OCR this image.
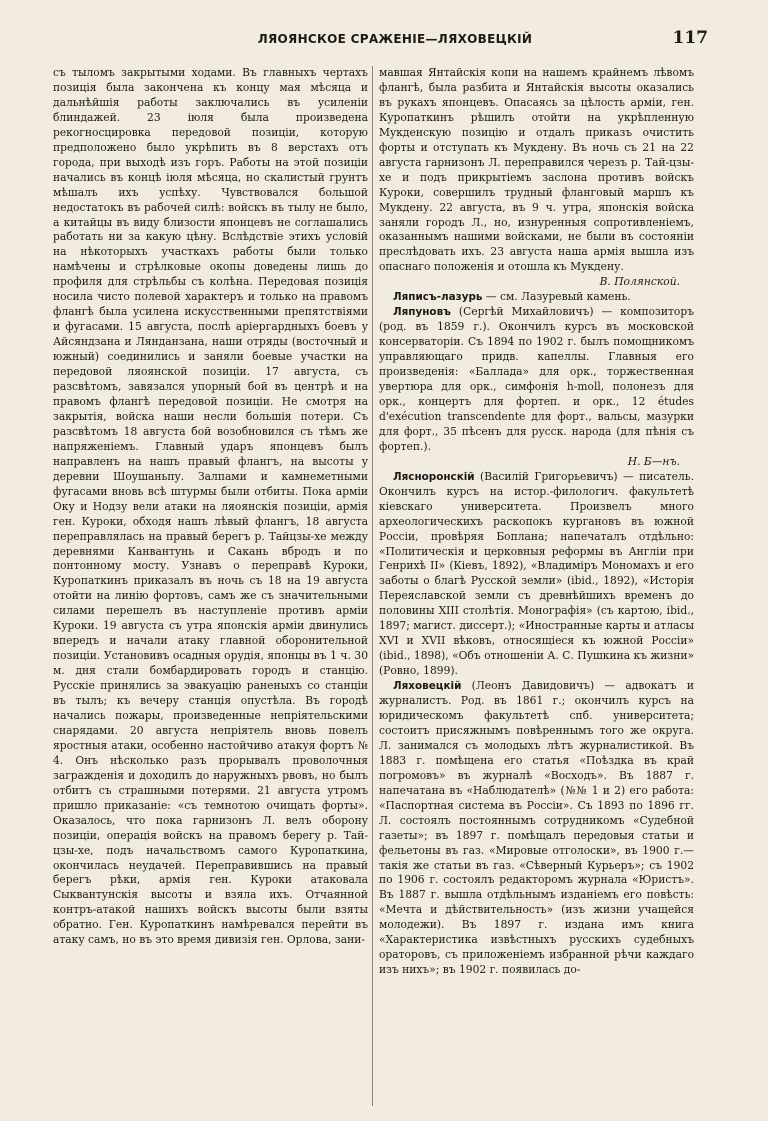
ЛЯОЯНСКОЕ СРАЖЕНІЕ—ЛЯХОВЕЦКІЙ	117

съ тыломъ закрытыми ходами. Въ главныхъ чертахъ позиція была закончена къ концу мая мѣсяца и дальнѣйшія работы заключались въ усиленіи блиндажей. 23 іюля была произведена рекогносцировка передовой позиціи, которую предположено было укрѣпить въ 8 верстахъ отъ города, при выходѣ изъ горъ. Работы на этой позиціи начались въ концѣ іюля мѣсяца, но скалистый грунтъ мѣшалъ ихъ успѣху. Чувствовался большой недостатокъ въ рабочей силѣ: войскъ въ тылу не было, а китайцы въ виду близости японцевъ не соглашались работать ни за какую цѣну. Вслѣдствіе этихъ условій на нѣкоторыхъ участкахъ работы были только намѣчены и стрѣлковые окопы доведены лишь до профиля для стрѣльбы съ колѣна. Передовая позиція носила чисто полевой характеръ и только на правомъ флангѣ была усилена искусственными препятствіями и фугасами. 15 августа, послѣ аріергардныхъ боевъ у Айсяндзана и Лянданзана, наши отряды (восточный и южный) соединились и заняли боевые участки на передовой ляоянской позиціи. 17 августа, съ разсвѣтомъ, завязался упорный бой въ центрѣ и на правомъ флангѣ передовой позиціи. Не смотря на закрытія, войска наши несли большія потери. Съ разсвѣтомъ 18 августа бой возобновился съ тѣмъ же напряженіемъ. Главный ударъ японцевъ былъ направленъ на нашъ правый флангъ, на высоты у деревни Шоушаньпу. Залпами и камнеметными фугасами вновь всѣ штурмы были отбиты. Пока арміи Оку и Нодзу вели атаки на ляоянскія позиціи, армія ген. Куроки, обходя нашъ лѣвый флангъ, 18 августа переправлялась на правый берегъ р. Тайцзы-хе между деревнями Канвантунь и Сакань вбродъ и по понтонному мосту. Узнавъ о переправѣ Куроки, Куропаткинъ приказалъ въ ночь съ 18 на 19 августа отойти на линію фортовъ, самъ же съ значительными силами перешелъ въ наступленіе противъ арміи Куроки. 19 августа съ утра японскія арміи двинулись впередъ и начали атаку главной оборонительной позиціи. Установивъ осадныя орудія, японцы въ 1 ч. 30 м. дня стали бомбардировать городъ и станцію. Русскіе принялись за эвакуацію раненыхъ со станціи въ тылъ; къ вечеру станція опустѣла. Въ городѣ начались пожары, произведенные непріятельскими снарядами. 20 августа непріятель вновь повелъ яростныя атаки, особенно настойчиво атакуя фортъ № 4. Онъ нѣсколько разъ прорывалъ проволочныя загражденія и доходилъ до наружныхъ рвовъ, но былъ отбитъ съ страшными потерями. 21 августа утромъ пришло приказаніе: «съ темнотою очищать форты». Оказалось, что пока гарнизонъ Л. велъ оборону позиціи, операція войскъ на правомъ берегу р. Тай-цзы-хе, подъ начальствомъ самого Куропаткина, окончилась неудачей. Переправившись на правый берегъ рѣки, армія ген. Куроки атаковала Сыквантунскія высоты и взяла ихъ. Отчаянной контръ-атакой нашихъ войскъ высоты были взяты обратно. Ген. Куропаткинъ намѣревался перейти въ атаку самъ, но въ это время дивизія ген. Орлова, зани-

мавшая Янтайскія копи на нашемъ крайнемъ лѣвомъ флангѣ, была разбита и Янтайскія высоты оказались въ рукахъ японцевъ. Опасаясь за цѣлость арміи, ген. Куропаткинъ рѣшилъ отойти на укрѣпленную Мукденскую позицію и отдалъ приказъ очистить форты и отступать къ Мукдену. Въ ночь съ 21 на 22 августа гарнизонъ Л. переправился черезъ р. Тай-цзы-хе и подъ прикрытіемъ заслона противъ войскъ Куроки, совершилъ трудный фланговый маршъ къ Мукдену. 22 августа, въ 9 ч. утра, японскія войска заняли городъ Л., но, изнуренныя сопротивленіемъ, оказаннымъ нашими войсками, не были въ состояніи преслѣдовать ихъ. 23 августа наша армія вышла изъ опаснаго положенія и отошла къ Мукдену.
В. Полянской.

Ляписъ-лазурь — см. Лазуревый камень.

Ляпуновъ (Сергѣй Михайловичъ) — композиторъ (род. въ 1859 г.). Окончилъ курсъ въ московской консерваторіи. Съ 1894 по 1902 г. былъ помощникомъ управляющаго придв. капеллы. Главныя его произведенія: «Баллада» для орк., торжественная увертюра для орк., симфонія h-moll, полонезъ для орк., концертъ для фортеп. и орк., 12 études d'exécution transcendente для форт., вальсы, мазурки для форт., 35 пѣсенъ для русск. народа (для пѣнія съ фортеп.).
Н. Б—нъ.

Лясноронскій (Василій Григорьевичъ) — писатель. Окончилъ курсъ на истор.-филологич. факультетѣ кіевскаго университета. Произвелъ много археологическихъ раскопокъ кургановъ въ южной Россіи, провѣряя Боплана; напечаталъ отдѣльно: «Политическія и церковныя реформы въ Англіи при Генрихѣ II» (Кіевъ, 1892), «Владиміръ Мономахъ и его заботы о благѣ Русской земли» (ibid., 1892), «Исторія Переяславской земли съ древнѣйшихъ временъ до половины XIII столѣтія. Монографія» (съ картою, ibid., 1897; магист. диссерт.); «Иностранные карты и атласы XVI и XVII вѣковъ, относящіеся къ южной Россіи» (ibid., 1898), «Объ отношеніи А. С. Пушкина къ жизни» (Ровно, 1899).

Ляховецкій (Леонъ Давидовичъ) — адвокатъ и журналистъ. Род. въ 1861 г.; окончилъ курсъ на юридическомъ факультетѣ спб. университета; состоитъ присяжнымъ повѣреннымъ того же округа. Л. занимался съ молодыхъ лѣтъ журналистикой. Въ 1883 г. помѣщена его статья «Поѣздка въ край погромовъ» въ журналѣ «Восходъ». Въ 1887 г. напечатана въ «Наблюдателѣ» (№№ 1 и 2) его работа: «Паспортная система въ Россіи». Съ 1893 по 1896 гг. Л. состоялъ постояннымъ сотрудникомъ «Судебной газеты»; въ 1897 г. помѣщалъ передовыя статьи и фельетоны въ газ. «Мировые отголоски», въ 1900 г.—такія же статьи въ газ. «Сѣверный Курьеръ»; съ 1902 по 1906 г. состоялъ редакторомъ журнала «Юристъ». Въ 1887 г. вышла отдѣльнымъ изданіемъ его повѣсть: «Мечта и дѣйствительность» (изъ жизни учащейся молодежи). Въ 1897 г. издана имъ книга «Характеристика извѣстныхъ русскихъ судебныхъ ораторовъ, съ приложеніемъ избранной рѣчи каждаго изъ нихъ»; въ 1902 г. появилась до-
